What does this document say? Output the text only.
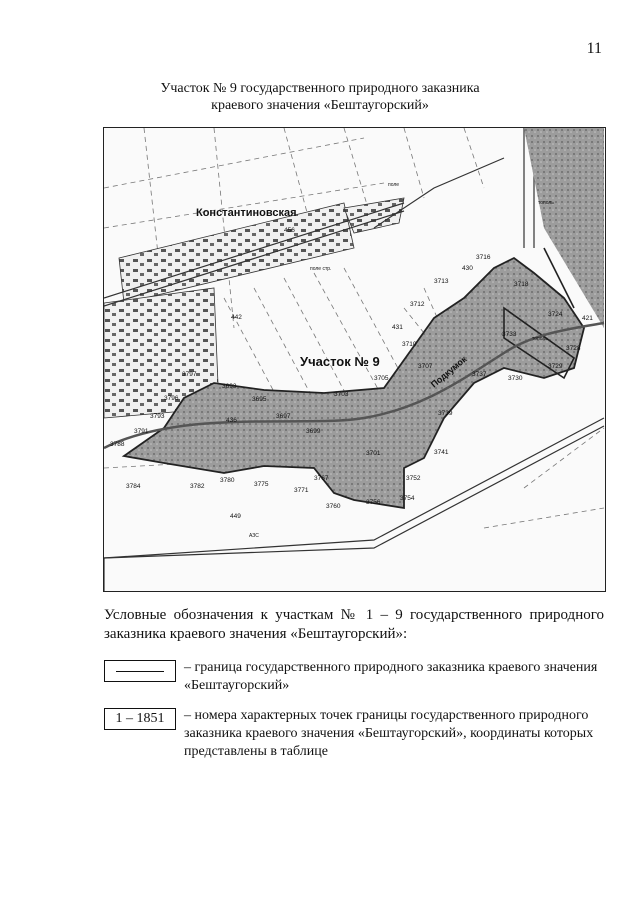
11
Участок № 9 государственного природного заказника
краевого значения «Бештаугорский»
Константиновская
Участок № 9	Подкумок
поле
тополь
поле стр.
АЗС
тополь
3716
3718
3713
3712
3710
3707
3705
3703
3724
3733
3728
3737
3730
3729
3739
3741
3701
3752
3754
3756
3760
3767
3771
3775
3780
3782
3784
3788
3791
3793
3796
3797
3693
3695
3697
3699
430
431
436
442
449
421
456
Условные обозначения к участкам № 1 – 9 государственного природного заказника краевого значения «Бештаугорский»:
– граница государственного природного заказника краевого значения «Бештаугорский»
1 – 1851	– номера характерных точек границы государственного природного заказника краевого значения «Бештаугорский», координаты которых представлены в таблице
